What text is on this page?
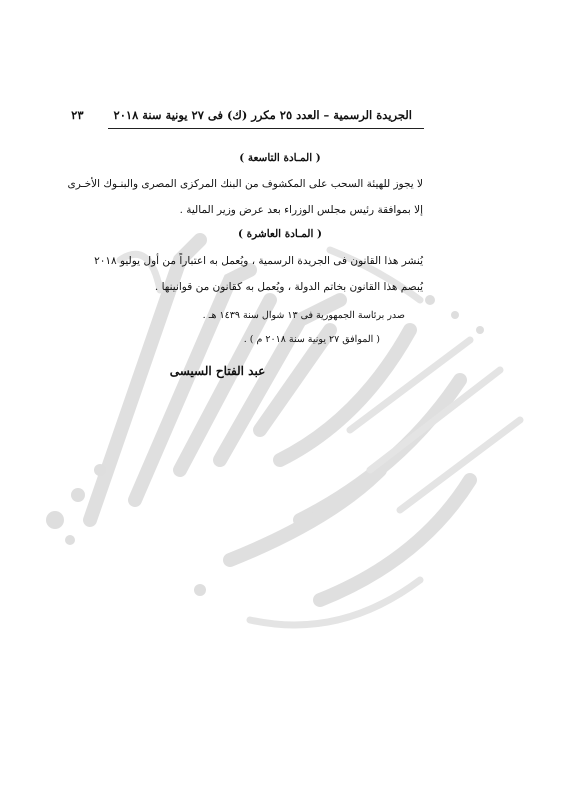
الجريدة الرسمية – العدد ٢٥ مكرر (ك) فى ٢٧ يونية سنة ٢٠١٨  ٢٣
( المـادة التاسعة )
لا يجوز للهيئة السحب على المكشوف من البنك المركزى المصرى والبنـوك الأخـرى
إلا بموافقة رئيس مجلس الوزراء بعد عرض وزير المالية .
( المـادة العاشرة )
يُنشر هذا القانون فى الجريدة الرسمية ، ويُعمل به اعتباراً من أول يوليو ٢٠١٨
يُبصم هذا القانون بخاتم الدولة ، ويُعمل به كقانون من قوانينها .
صدر برئاسة الجمهورية فى ١٣ شوال سنة ١٤٣٩ هـ .
( الموافق ٢٧ يونية سنة ٢٠١٨ م ) .
عبد الفتاح السيسى
